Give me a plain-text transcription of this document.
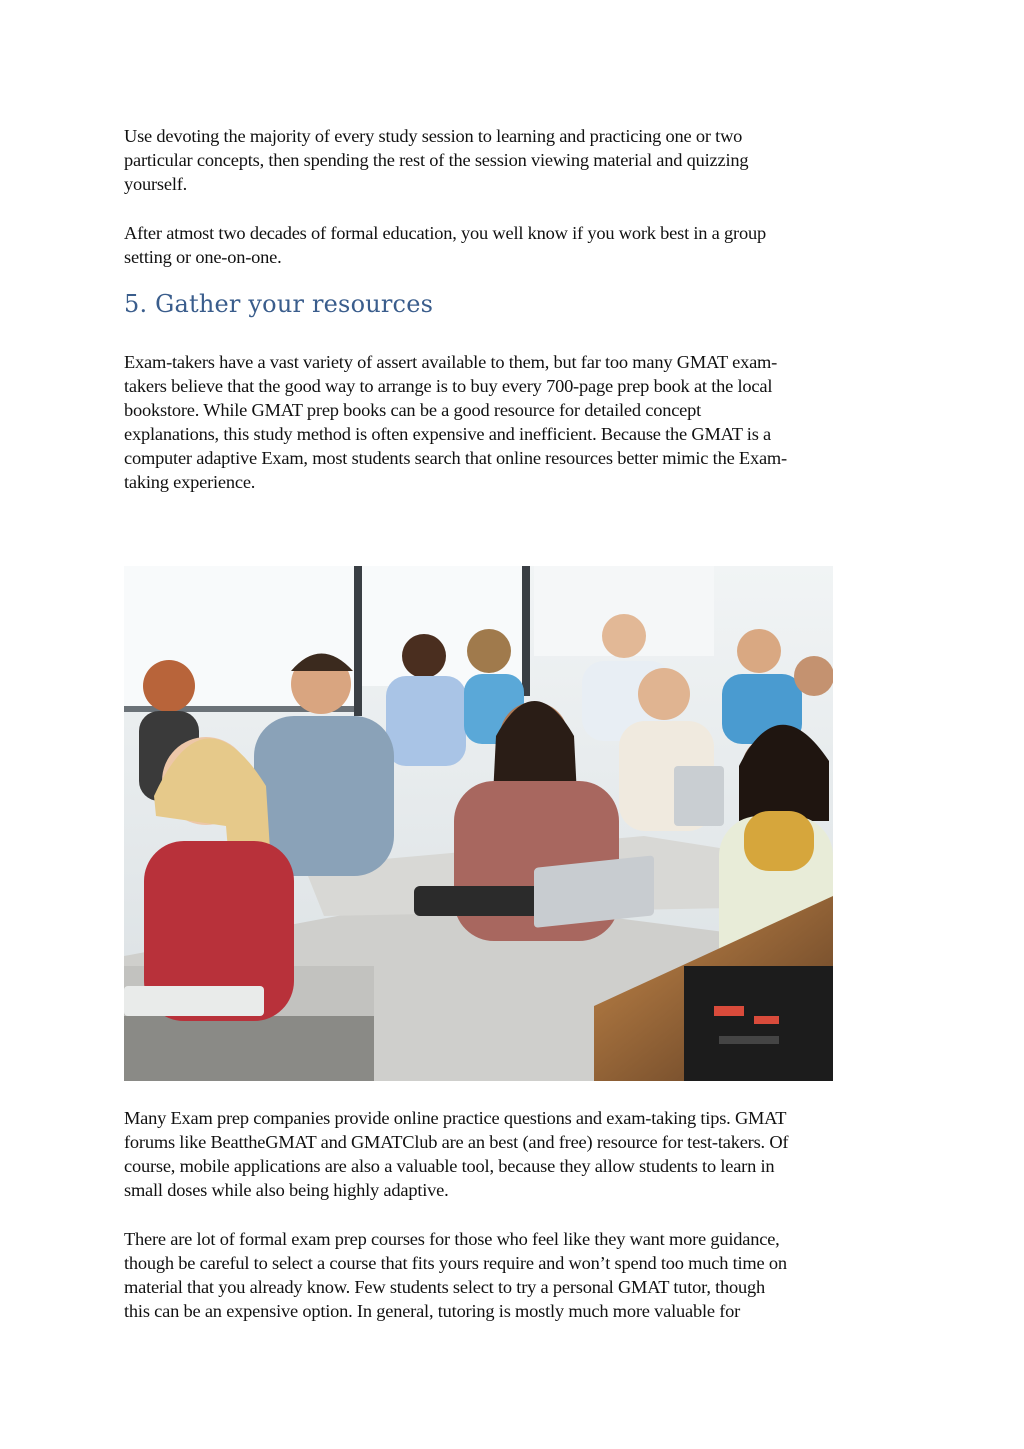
Use devoting the majority of every study session to learning and practicing one or two

particular concepts, then spending the rest of the session viewing material and quizzing

yourself.

After atmost two decades of formal education, you well know if you work best in a group

setting or one-on-one.

5. Gather your resources

Exam-takers have a vast variety of assert available to them, but far too many GMAT exam-

takers believe that the good way to arrange is to buy every 700-page prep book at the local

bookstore. While GMAT prep books can be a good resource for detailed concept

explanations, this study method is often expensive and inefficient. Because the GMAT is a

computer adaptive Exam, most students search that online resources better mimic the Exam-

taking experience.

Many Exam prep companies provide online practice questions and exam-taking tips. GMAT

forums like BeattheGMAT and GMATClub are an best (and free) resource for test-takers. Of

course, mobile applications are also a valuable tool, because they allow students to learn in

small doses while also being highly adaptive.

There are lot of formal exam prep courses for those who feel like they want more guidance,

though be careful to select a course that fits yours require and won’t spend too much time on

material that you already know. Few students select to try a personal GMAT tutor, though

this can be an expensive option. In general, tutoring is mostly much more valuable for
